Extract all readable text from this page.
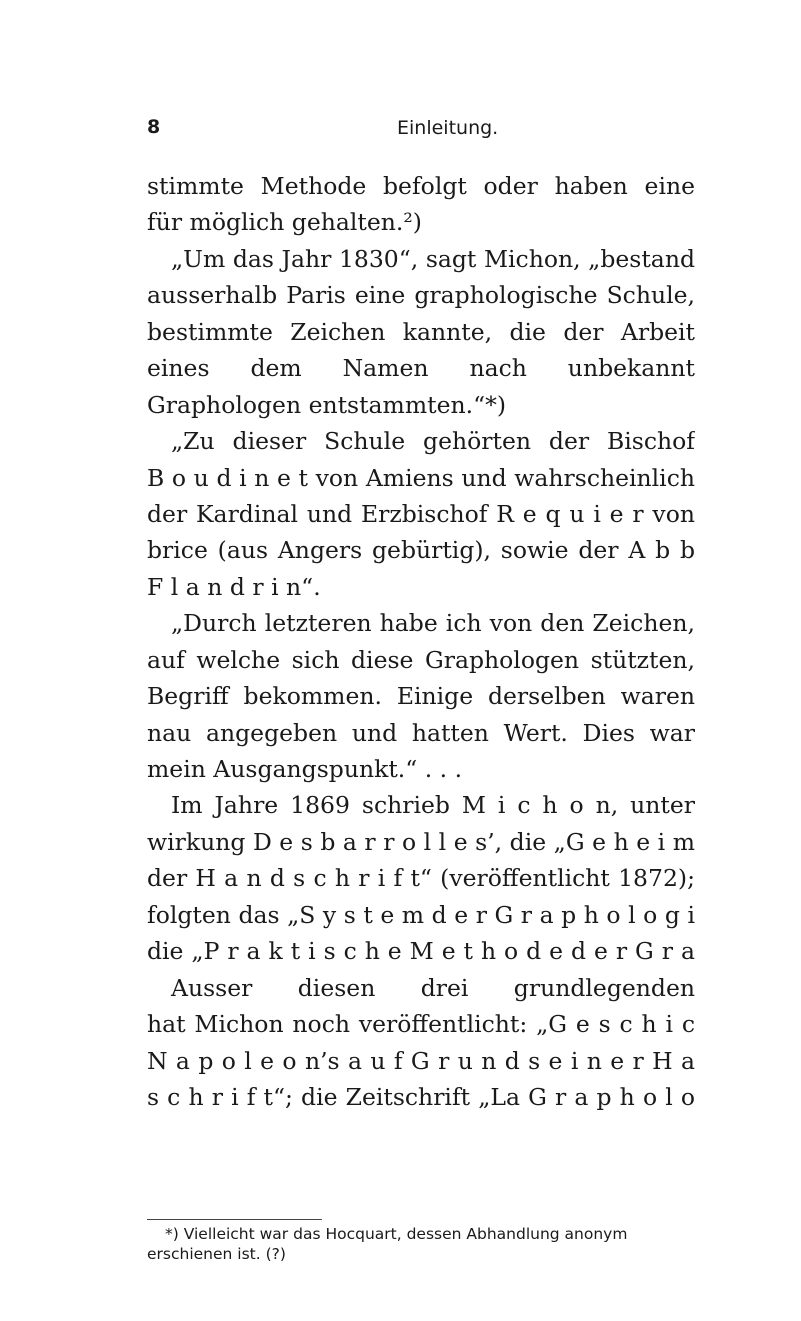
8	Einleitung.
stimmte Methode befolgt oder haben eine
für möglich gehalten.²)
„Um das Jahr 1830“, sagt Michon, „bestand
ausserhalb Paris eine graphologische Schule,
bestimmte Zeichen kannte, die der Arbeit
eines dem Namen nach unbekannt
Graphologen entstammten.“*)
„Zu dieser Schule gehörten der Bischof
B o u d i n e t von Amiens und wahrscheinlich
der Kardinal und Erzbischof R e q u i e r von
brice (aus Angers gebürtig), sowie der A b b
F l a n d r i n“.
„Durch letzteren habe ich von den Zeichen,
auf welche sich diese Graphologen stützten,
Begriff bekommen. Einige derselben waren
nau angegeben und hatten Wert. Dies war
mein Ausgangspunkt.“ . . .
Im Jahre 1869 schrieb M i c h o n, unter
wirkung D e s b a r r o l l e s’, die „G e h e i m
der H a n d s c h r i f t“ (veröffentlicht 1872);
folgten das „S y s t e m d e r G r a p h o l o g i
die „P r a k t i s c h e M e t h o d e d e r G r a
Ausser diesen drei grundlegenden
hat Michon noch veröffentlicht: „G e s c h i c
N a p o l e o n’s a u f G r u n d s e i n e r H a
s c h r i f t“; die Zeitschrift „La G r a p h o l o
*) Vielleicht war das Hocquart, dessen Abhandlung anonym
erschienen ist. (?)
